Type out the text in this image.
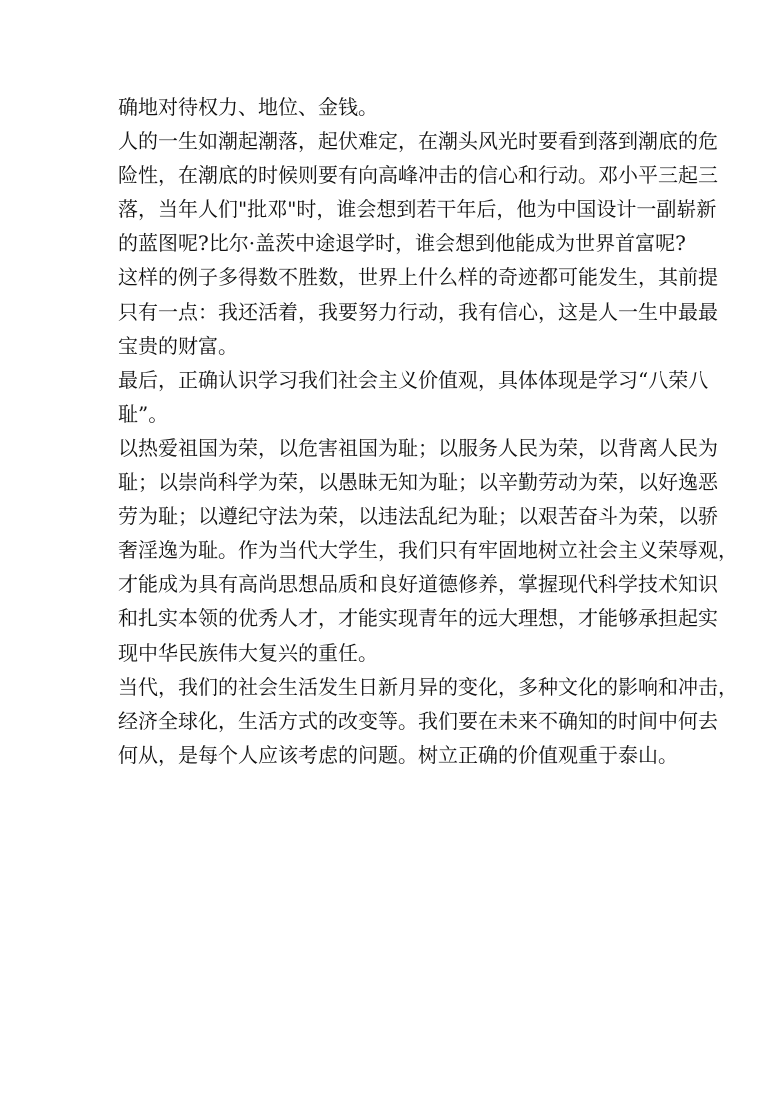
确地对待权力、地位、金钱。
人的一生如潮起潮落，起伏难定，在潮头风光时要看到落到潮底的危
险性，在潮底的时候则要有向高峰冲击的信心和行动。邓小平三起三
落，当年人们"批邓"时，谁会想到若干年后，他为中国设计一副崭新
的蓝图呢?比尔·盖茨中途退学时，谁会想到他能成为世界首富呢?
这样的例子多得数不胜数，世界上什么样的奇迹都可能发生，其前提
只有一点：我还活着，我要努力行动，我有信心，这是人一生中最最
宝贵的财富。
最后，正确认识学习我们社会主义价值观，具体体现是学习“八荣八
耻”。
以热爱祖国为荣，以危害祖国为耻；以服务人民为荣，以背离人民为
耻；以崇尚科学为荣，以愚昧无知为耻；以辛勤劳动为荣，以好逸恶
劳为耻；以遵纪守法为荣，以违法乱纪为耻；以艰苦奋斗为荣，以骄
奢淫逸为耻。作为当代大学生，我们只有牢固地树立社会主义荣辱观，
才能成为具有高尚思想品质和良好道德修养，掌握现代科学技术知识
和扎实本领的优秀人才，才能实现青年的远大理想，才能够承担起实
现中华民族伟大复兴的重任。
当代，我们的社会生活发生日新月异的变化，多种文化的影响和冲击，
经济全球化，生活方式的改变等。我们要在未来不确知的时间中何去
何从，是每个人应该考虑的问题。树立正确的价值观重于泰山。
